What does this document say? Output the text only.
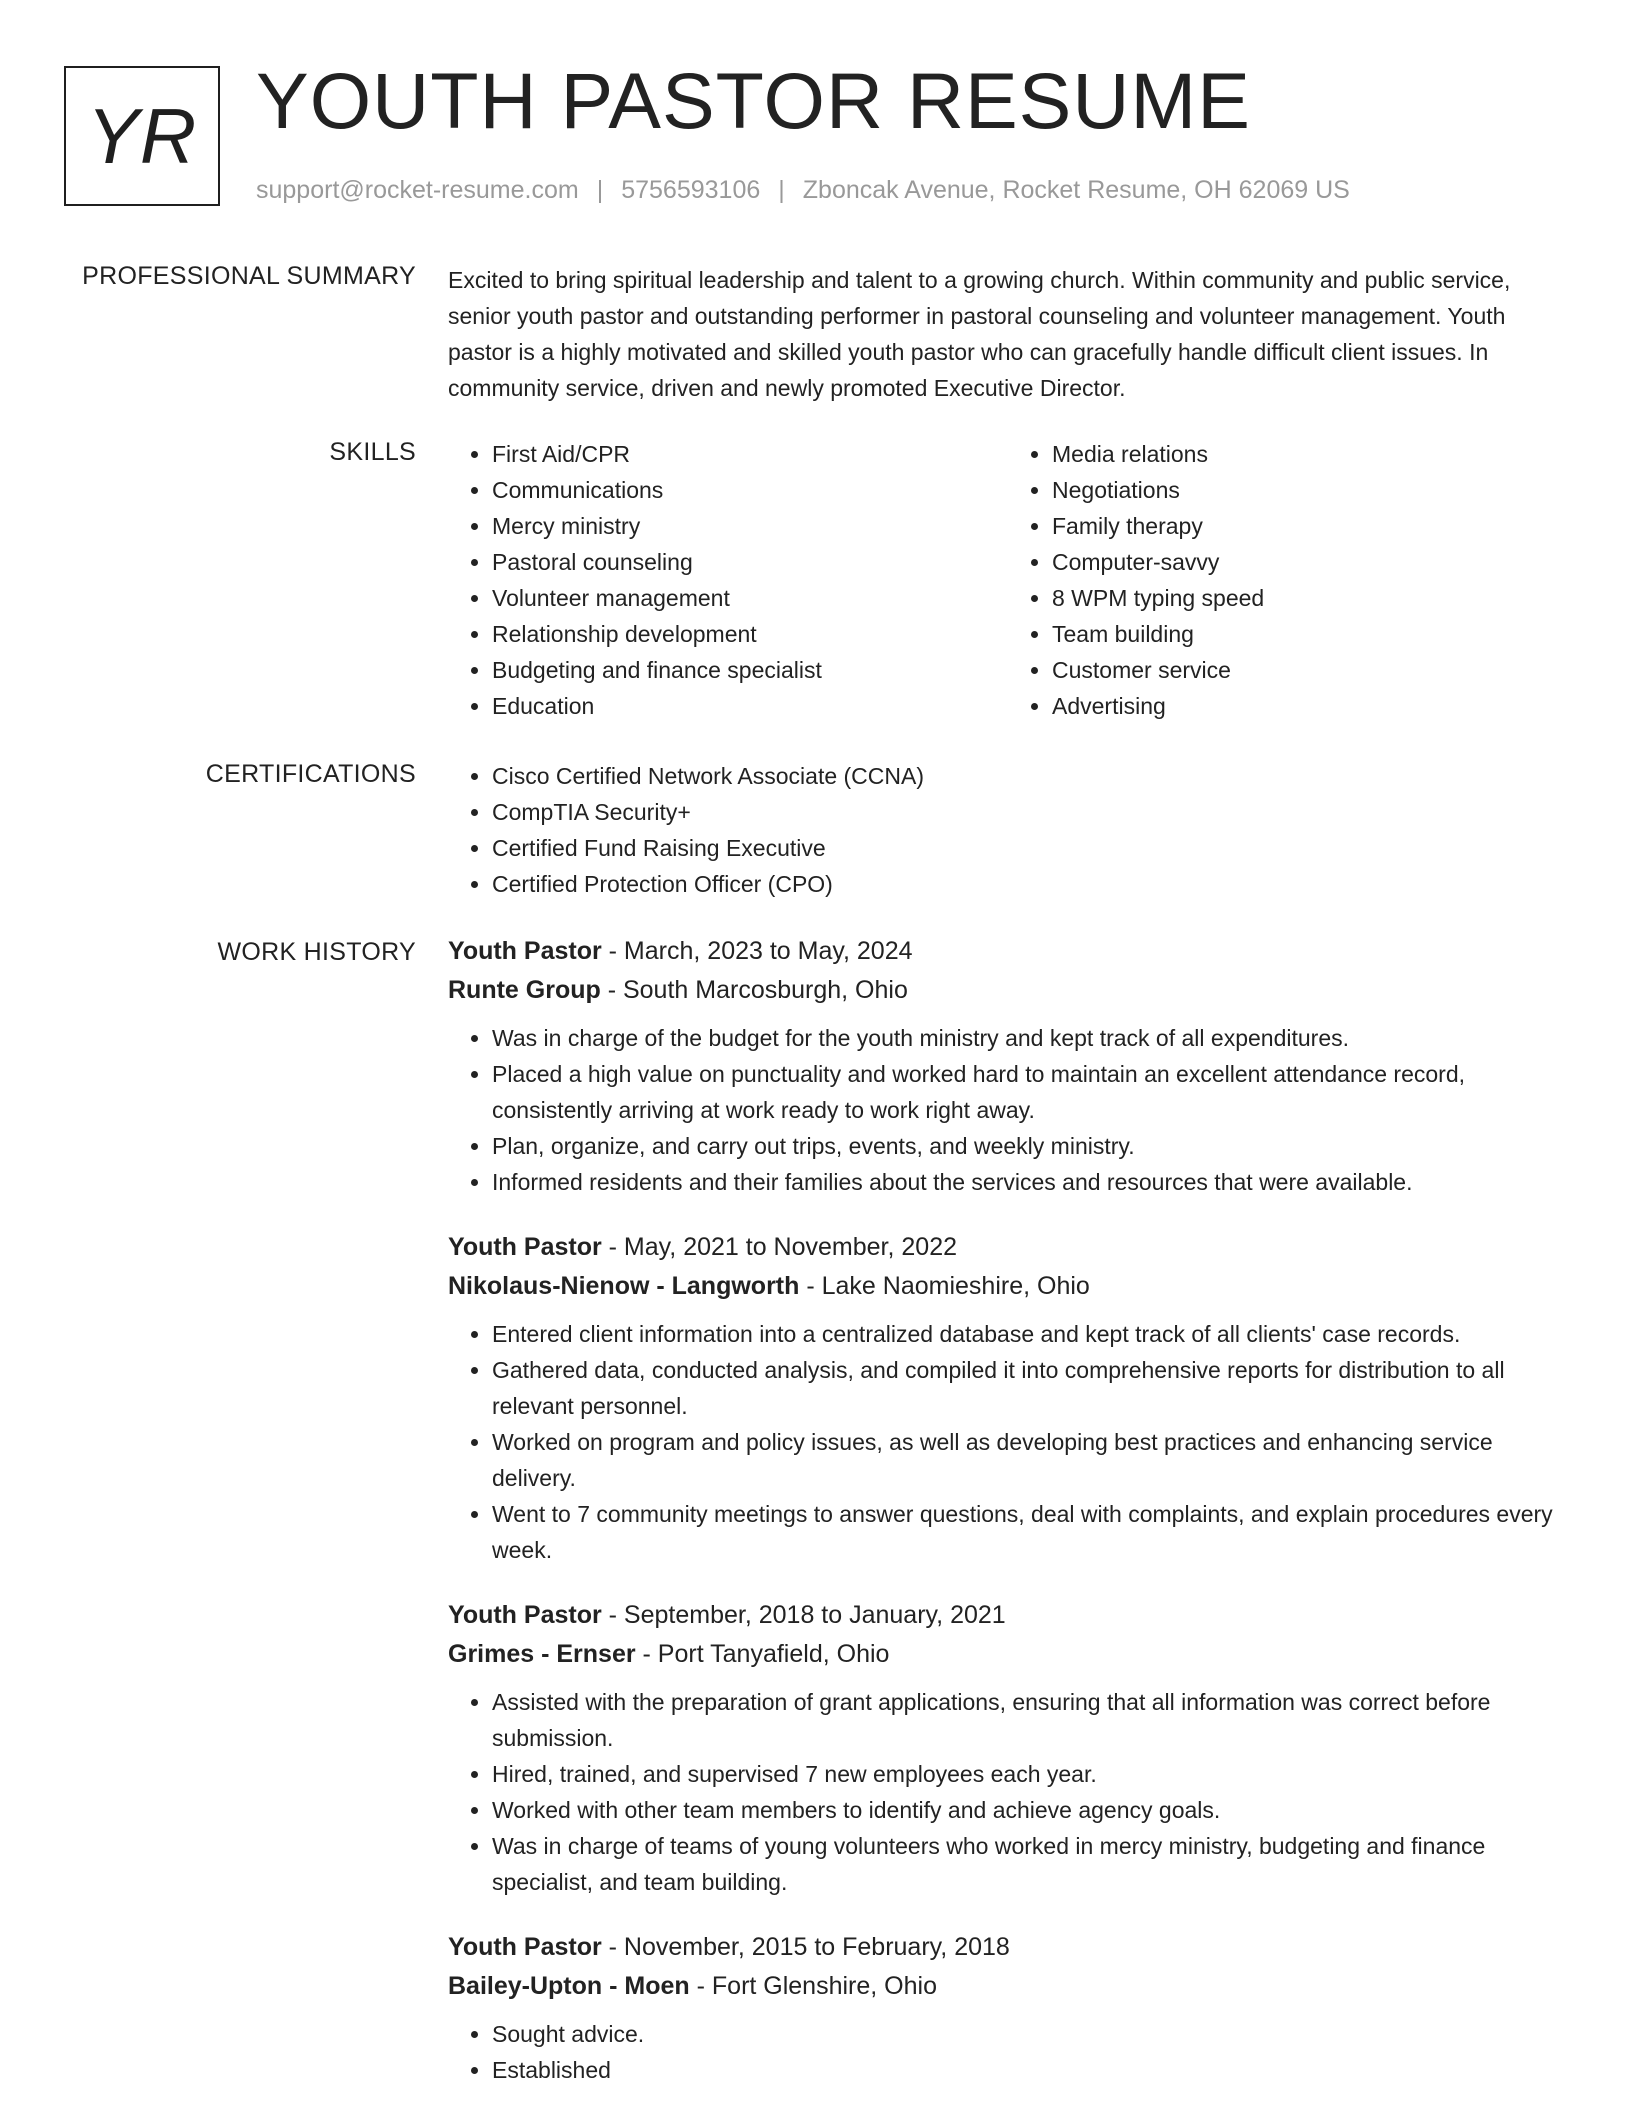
YR YOUTH PASTOR RESUME
support@rocket-resume.com | 5756593106 | Zboncak Avenue, Rocket Resume, OH 62069 US
PROFESSIONAL SUMMARY Excited to bring spiritual leadership and talent to a growing church. Within community and public service, senior youth pastor and outstanding performer in pastoral counseling and volunteer management. Youth pastor is a highly motivated and skilled youth pastor who can gracefully handle difficult client issues. In community service, driven and newly promoted Executive Director.

SKILLS	• First Aid/CPR
• Communications
• Mercy ministry
• Pastoral counseling
• Volunteer management
• Relationship development
• Budgeting and finance specialist
• Education
• Media relations
• Negotiations
• Family therapy
• Computer-savvy
• 8 WPM typing speed
• Team building
• Customer service
• Advertising
CERTIFICATIONS	• Cisco Certified Network Associate (CCNA)
• CompTIA Security+
• Certified Fund Raising Executive
• Certified Protection Officer (CPO)
WORK HISTORY Youth Pastor - March, 2023 to May, 2024
Runte Group - South Marcosburgh, Ohio
• Was in charge of the budget for the youth ministry and kept track of all expenditures.
• Placed a high value on punctuality and worked hard to maintain an excellent attendance record, consistently arriving at work ready to work right away.
• Plan, organize, and carry out trips, events, and weekly ministry.
• Informed residents and their families about the services and resources that were available.
Youth Pastor - May, 2021 to November, 2022
Nikolaus-Nienow - Langworth - Lake Naomieshire, Ohio
• Entered client information into a centralized database and kept track of all clients' case records.
• Gathered data, conducted analysis, and compiled it into comprehensive reports for distribution to all relevant personnel.
• Worked on program and policy issues, as well as developing best practices and enhancing service delivery.
• Went to 7 community meetings to answer questions, deal with complaints, and explain procedures every week.
Youth Pastor - September, 2018 to January, 2021
Grimes - Ernser - Port Tanyafield, Ohio
• Assisted with the preparation of grant applications, ensuring that all information was correct before submission.
• Hired, trained, and supervised 7 new employees each year.
• Worked with other team members to identify and achieve agency goals.
• Was in charge of teams of young volunteers who worked in mercy ministry, budgeting and finance specialist, and team building.
Youth Pastor - November, 2015 to February, 2018
Bailey-Upton - Moen - Fort Glenshire, Ohio
• Sought advice.
• Established
